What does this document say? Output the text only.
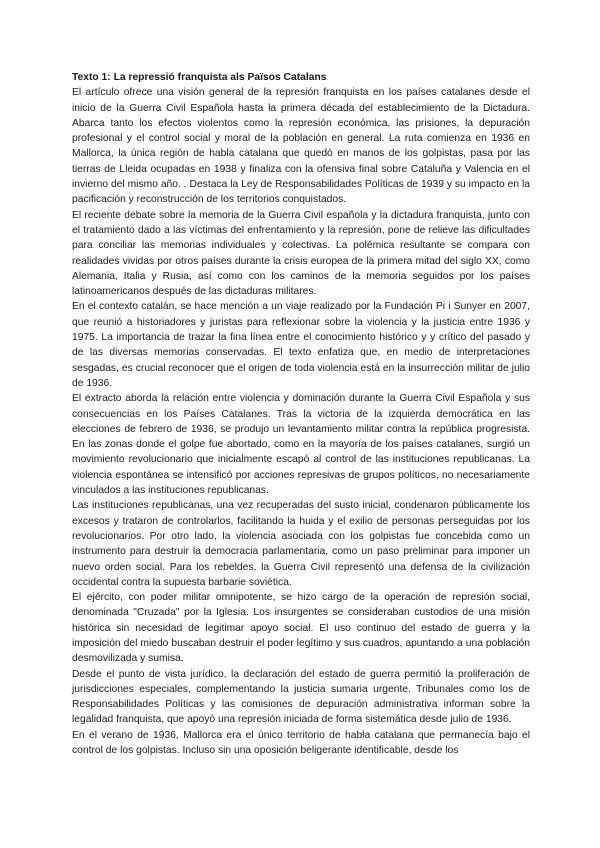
Texto 1: La repressió franquista als Països Catalans

El artículo ofrece una visión general de la represión franquista en los países catalanes desde el inicio de la Guerra Civil Española hasta la primera década del establecimiento de la Dictadura. Abarca tanto los efectos violentos como la represión económica, las prisiones, la depuración profesional y el control social y moral de la población en general. La ruta comienza en 1936 en Mallorca, la única región de habla catalana que quedó en manos de los golpistas, pasa por las tierras de Lleida ocupadas en 1938 y finaliza con la ofensiva final sobre Cataluña y Valencia en el invierno del mismo año. . Destaca la Ley de Responsabilidades Políticas de 1939 y su impacto en la pacificación y reconstrucción de los territorios conquistados.

El reciente debate sobre la memoria de la Guerra Civil española y la dictadura franquista, junto con el tratamiento dado a las víctimas del enfrentamiento y la represión, pone de relieve las dificultades para conciliar las memorias individuales y colectivas. La polémica resultante se compara con realidades vividas por otros países durante la crisis europea de la primera mitad del siglo XX, como Alemania, Italia y Rusia, así como con los caminos de la memoria seguidos por los países latinoamericanos después de las dictaduras militares.

En el contexto catalán, se hace mención a un viaje realizado por la Fundación Pi i Sunyer en 2007, que reunió a historiadores y juristas para reflexionar sobre la violencia y la justicia entre 1936 y 1975. La importancia de trazar la fina línea entre el conocimiento histórico y y crítico del pasado y de las diversas memorias conservadas. El texto enfatiza que, en medio de interpretaciones sesgadas, es crucial reconocer que el origen de toda violencia está en la insurrección militar de julio de 1936.

El extracto aborda la relación entre violencia y dominación durante la Guerra Civil Española y sus consecuencias en los Países Catalanes. Tras la victoria de la izquierda democrática en las elecciones de febrero de 1936, se produjo un levantamiento militar contra la república progresista. En las zonas donde el golpe fue abortado, como en la mayoría de los países catalanes, surgió un movimiento revolucionario que inicialmente escapó al control de las instituciones republicanas. La violencia espontánea se intensificó por acciones represivas de grupos políticos, no necesariamente vinculados a las instituciones republicanas.

Las instituciones republicanas, una vez recuperadas del susto inicial, condenaron públicamente los excesos y trataron de controlarlos, facilitando la huida y el exilio de personas perseguidas por los revolucionarios. Por otro lado, la violencia asociada con los golpistas fue concebida como un instrumento para destruir la democracia parlamentaria, como un paso preliminar para imponer un nuevo orden social. Para los rebeldes, la Guerra Civil representó una defensa de la civilización occidental contra la supuesta barbarie soviética.

El ejército, con poder militar omnipotente, se hizo cargo de la operación de represión social, denominada "Cruzada" por la Iglesia. Los insurgentes se consideraban custodios de una misión histórica sin necesidad de legitimar apoyo social. El uso continuo del estado de guerra y la imposición del miedo buscaban destruir el poder legítimo y sus cuadros, apuntando a una población desmovilizada y sumisa.

Desde el punto de vista jurídico, la declaración del estado de guerra permitió la proliferación de jurisdicciones especiales, complementando la justicia sumaria urgente. Tribunales como los de Responsabilidades Políticas y las comisiones de depuración administrativa informan sobre la legalidad franquista, que apoyó una represión iniciada de forma sistemática desde julio de 1936.

En el verano de 1936, Mallorca era el único territorio de habla catalana que permanecía bajo el control de los golpistas. Incluso sin una oposición beligerante identificable, desde los
